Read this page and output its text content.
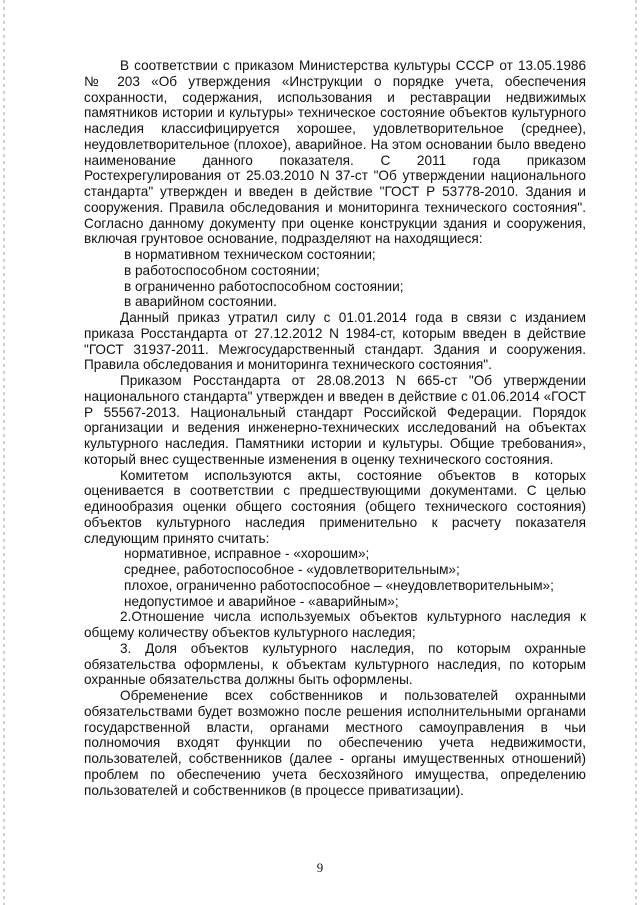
В соответствии с приказом Министерства культуры СССР от 13.05.1986 № 203 «Об утверждения «Инструкции о порядке учета, обеспечения сохранности, содержания, использования и реставрации недвижимых памятников истории и культуры» техническое состояние объектов культурного наследия классифицируется хорошее, удовлетворительное (среднее), неудовлетворительное (плохое), аварийное. На этом основании было введено наименование данного показателя. С 2011 года приказом Ростехрегулирования от 25.03.2010 N 37-ст "Об утверждении национального стандарта" утвержден и введен в действие "ГОСТ Р 53778-2010. Здания и сооружения. Правила обследования и мониторинга технического состояния". Согласно данному документу при оценке конструкции здания и сооружения, включая грунтовое основание, подразделяют на находящиеся:

в нормативном техническом состоянии;
в работоспособном состоянии;
в ограниченно работоспособном состоянии;
в аварийном состоянии.

Данный приказ утратил силу с 01.01.2014 года в связи с изданием приказа Росстандарта от 27.12.2012 N 1984-ст, которым введен в действие "ГОСТ 31937-2011. Межгосударственный стандарт. Здания и сооружения. Правила обследования и мониторинга технического состояния".

Приказом Росстандарта от 28.08.2013 N 665-ст "Об утверждении национального стандарта" утвержден и введен в действие с 01.06.2014 «ГОСТ Р 55567-2013. Национальный стандарт Российской Федерации. Порядок организации и ведения инженерно-технических исследований на объектах культурного наследия. Памятники истории и культуры. Общие требования», который внес существенные изменения в оценку технического состояния.

Комитетом используются акты, состояние объектов в которых оценивается в соответствии с предшествующими документами. С целью единообразия оценки общего состояния (общего технического состояния) объектов культурного наследия применительно к расчету показателя следующим принято считать:

нормативное, исправное - «хорошим»;
среднее, работоспособное - «удовлетворительным»;
плохое, ограниченно работоспособное – «неудовлетворительным»;
недопустимое и аварийное - «аварийным»;

2.Отношение числа используемых объектов культурного наследия к общему количеству объектов культурного наследия;

3. Доля объектов культурного наследия, по которым охранные обязательства оформлены, к объектам культурного наследия, по которым охранные обязательства должны быть оформлены.

Обременение всех собственников и пользователей охранными обязательствами будет возможно после решения исполнительными органами государственной власти, органами местного самоуправления в чьи полномочия входят функции по обеспечению учета недвижимости, пользователей, собственников (далее - органы имущественных отношений) проблем по обеспечению учета бесхозяйного имущества, определению пользователей и собственников (в процессе приватизации).

9
